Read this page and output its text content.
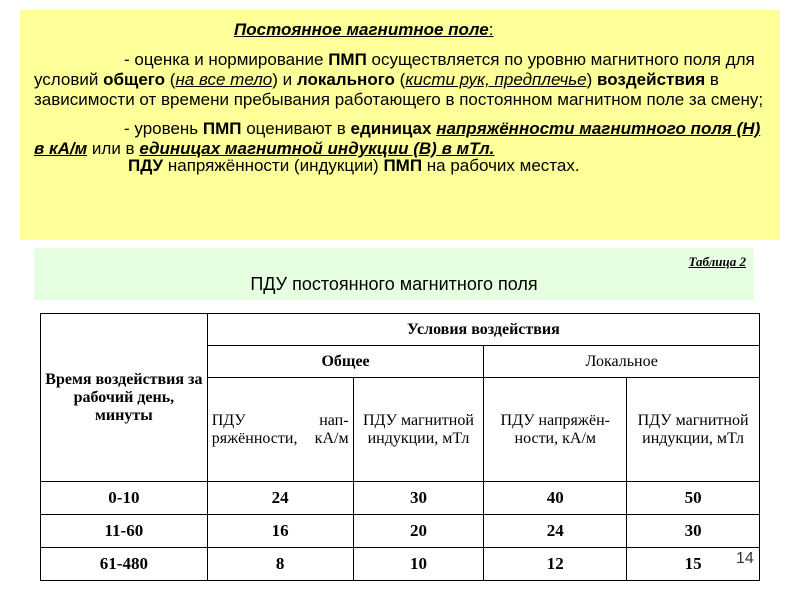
Постоянное магнитное поле:
- оценка и нормирование ПМП осуществляется по уровню магнитного поля для условий общего (на все тело) и локального (кисти рук, предплечье) воздействия в зависимости от времени пребывания работающего в постоянном магнитном поле за смену;
- уровень ПМП оценивают в единицах напряжённости магнитного поля (Н) в кА/м или в единицах магнитной индукции (В) в мТл.
ПДУ напряжённости (индукции) ПМП на рабочих местах.
Таблица 2
ПДУ постоянного магнитного поля
Время воздействия за рабочий день, минуты	Условия воздействия			
	Общее		Локальное	
	ПДУ нап- ряжённости, кА/м	ПДУ магнитной индукции, мТл	ПДУ напряжён- ности, кА/м	ПДУ магнитной индукции, мТл
0-10	24	30	40	50
11-60	16	20	24	30
61-480	8	10	12	15 14
